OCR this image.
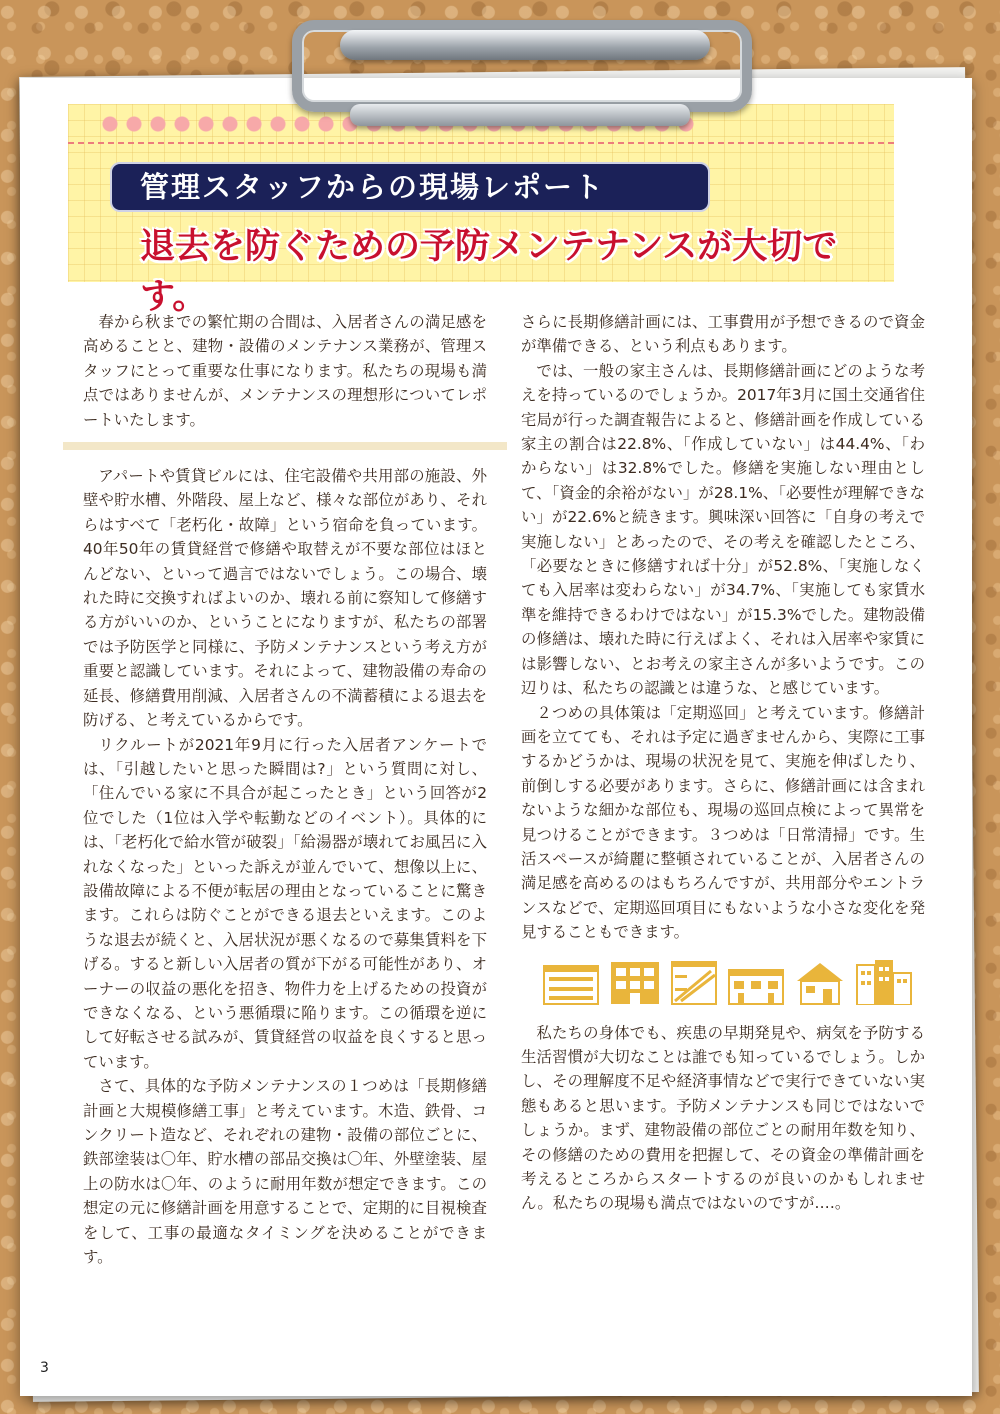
管理スタッフからの現場レポート
退去を防ぐための予防メンテナンスが大切です。

春から秋までの繁忙期の合間は、入居者さんの満足感を高めることと、建物・設備のメンテナンス業務が、管理スタッフにとって重要な仕事になります。私たちの現場も満点ではありませんが、メンテナンスの理想形についてレポートいたします。

アパートや賃貸ビルには、住宅設備や共用部の施設、外壁や貯水槽、外階段、屋上など、様々な部位があり、それらはすべて「老朽化・故障」という宿命を負っています。40年50年の賃貸経営で修繕や取替えが不要な部位はほとんどない、といって過言ではないでしょう。この場合、壊れた時に交換すればよいのか、壊れる前に察知して修繕する方がいいのか、ということになりますが、私たちの部署では予防医学と同様に、予防メンテナンスという考え方が重要と認識しています。それによって、建物設備の寿命の延長、修繕費用削減、入居者さんの不満蓄積による退去を防げる、と考えているからです。

リクルートが2021年9月に行った入居者アンケートでは、「引越したいと思った瞬間は?」という質問に対し、「住んでいる家に不具合が起こったとき」という回答が2位でした（1位は入学や転勤などのイベント）。具体的には、「老朽化で給水管が破裂」「給湯器が壊れてお風呂に入れなくなった」といった訴えが並んでいて、想像以上に、設備故障による不便が転居の理由となっていることに驚きます。これらは防ぐことができる退去といえます。このような退去が続くと、入居状況が悪くなるので募集賃料を下げる。すると新しい入居者の質が下がる可能性があり、オーナーの収益の悪化を招き、物件力を上げるための投資ができなくなる、という悪循環に陥ります。この循環を逆にして好転させる試みが、賃貸経営の収益を良くすると思っています。

さて、具体的な予防メンテナンスの１つめは「長期修繕計画と大規模修繕工事」と考えています。木造、鉄骨、コンクリート造など、それぞれの建物・設備の部位ごとに、鉄部塗装は〇年、貯水槽の部品交換は〇年、外壁塗装、屋上の防水は〇年、のように耐用年数が想定できます。この想定の元に修繕計画を用意することで、定期的に目視検査をして、工事の最適なタイミングを決めることができます。

さらに長期修繕計画には、工事費用が予想できるので資金が準備できる、という利点もあります。

では、一般の家主さんは、長期修繕計画にどのような考えを持っているのでしょうか。2017年3月に国土交通省住宅局が行った調査報告によると、修繕計画を作成している家主の割合は22.8%、「作成していない」は44.4%、「わからない」は32.8%でした。修繕を実施しない理由として、「資金的余裕がない」が28.1%、「必要性が理解できない」が22.6%と続きます。興味深い回答に「自身の考えで実施しない」とあったので、その考えを確認したところ、「必要なときに修繕すれば十分」が52.8%、「実施しなくても入居率は変わらない」が34.7%、「実施しても家賃水準を維持できるわけではない」が15.3%でした。建物設備の修繕は、壊れた時に行えばよく、それは入居率や家賃には影響しない、とお考えの家主さんが多いようです。この辺りは、私たちの認識とは違うな、と感じています。

２つめの具体策は「定期巡回」と考えています。修繕計画を立てても、それは予定に過ぎませんから、実際に工事するかどうかは、現場の状況を見て、実施を伸ばしたり、前倒しする必要があります。さらに、修繕計画には含まれないような細かな部位も、現場の巡回点検によって異常を見つけることができます。３つめは「日常清掃」です。生活スペースが綺麗に整頓されていることが、入居者さんの満足感を高めるのはもちろんですが、共用部分やエントランスなどで、定期巡回項目にもないような小さな変化を発見することもできます。

私たちの身体でも、疾患の早期発見や、病気を予防する生活習慣が大切なことは誰でも知っているでしょう。しかし、その理解度不足や経済事情などで実行できていない実態もあると思います。予防メンテナンスも同じではないでしょうか。まず、建物設備の部位ごとの耐用年数を知り、その修繕のための費用を把握して、その資金の準備計画を考えるところからスタートするのが良いのかもしれません。私たちの現場も満点ではないのですが‥‥。

3
